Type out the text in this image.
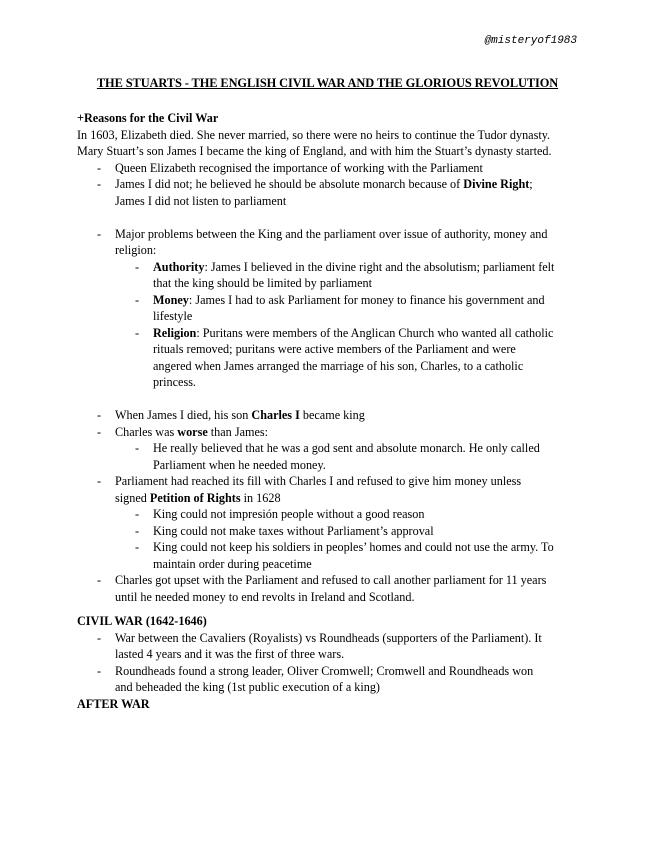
@misteryof1983
THE STUARTS - THE ENGLISH CIVIL WAR AND THE GLORIOUS REVOLUTION
+Reasons for the Civil War
In 1603, Elizabeth died. She never married, so there were no heirs to continue the Tudor dynasty.
Mary Stuart’s son James I became the king of England, and with him the Stuart’s dynasty started.
- Queen Elizabeth recognised the importance of working with the Parliament
- James I did not; he believed he should be absolute monarch because of Divine Right;
James I did not listen to parliament
- Major problems between the King and the parliament over issue of authority, money and
religion:
- Authority: James I believed in the divine right and the absolutism; parliament felt
that the king should be limited by parliament
- Money: James I had to ask Parliament for money to finance his government and
lifestyle
- Religion: Puritans were members of the Anglican Church who wanted all catholic
rituals removed; puritans were active members of the Parliament and were
angered when James arranged the marriage of his son, Charles, to a catholic
princess.
- When James I died, his son Charles I became king
- Charles was worse than James:
- He really believed that he was a god sent and absolute monarch. He only called
Parliament when he needed money.
- Parliament had reached its fill with Charles I and refused to give him money unless
signed Petition of Rights in 1628
- King could not impresión people without a good reason
- King could not make taxes without Parliament’s approval
- King could not keep his soldiers in peoples’ homes and could not use the army. To
maintain order during peacetime
- Charles got upset with the Parliament and refused to call another parliament for 11 years
until he needed money to end revolts in Ireland and Scotland.
CIVIL WAR (1642-1646)
- War between the Cavaliers (Royalists) vs Roundheads (supporters of the Parliament). It
lasted 4 years and it was the first of three wars.
- Roundheads found a strong leader, Oliver Cromwell; Cromwell and Roundheads won
and beheaded the king (1st public execution of a king)
AFTER WAR
